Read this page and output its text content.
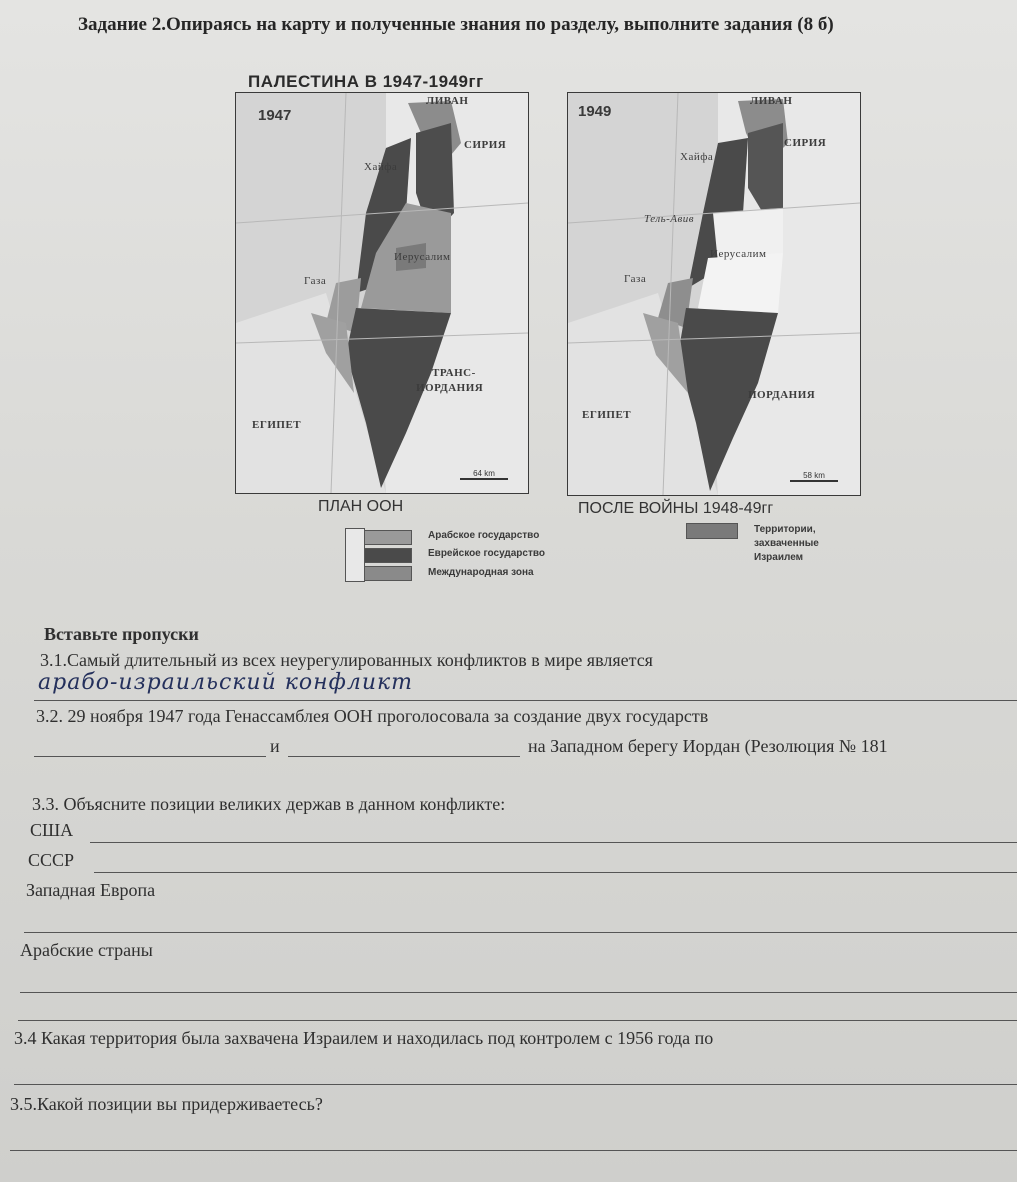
Задание 2.Опираясь на карту и полученные знания по разделу, выполните задания (8 б)
ПАЛЕСТИНА В 1947-1949гг
1947
ЛИВАН
СИРИЯ
Хайфа
Иерусалим
Газа
ТРАНС-
ИОРДАНИЯ
ЕГИПЕТ
64 km
1949
ЛИВАН
СИРИЯ
Хайфа
Тель-Авив
Иерусалим
Газа
ИОРДАНИЯ
ЕГИПЕТ
58 km
ПЛАН ООН	ПОСЛЕ ВОЙНЫ 1948-49гг
Арабское государство
Еврейское государство
Международная зона
Территории,
захваченные
Израилем
Вставьте пропуски
3.1.Самый длительный из всех неурегулированных конфликтов в мире является
арабо-израильский конфликт
3.2. 29 ноября 1947 года Генассамблея ООН проголосовала за создание двух государств
и	на Западном берегу Иордан (Резолюция № 181
3.3. Объясните позиции великих держав в данном конфликте:
США
СССР
Западная Европа
Арабские страны
3.4 Какая территория была захвачена Израилем и находилась под контролем с 1956 года по
3.5.Какой позиции вы придерживаетесь?
